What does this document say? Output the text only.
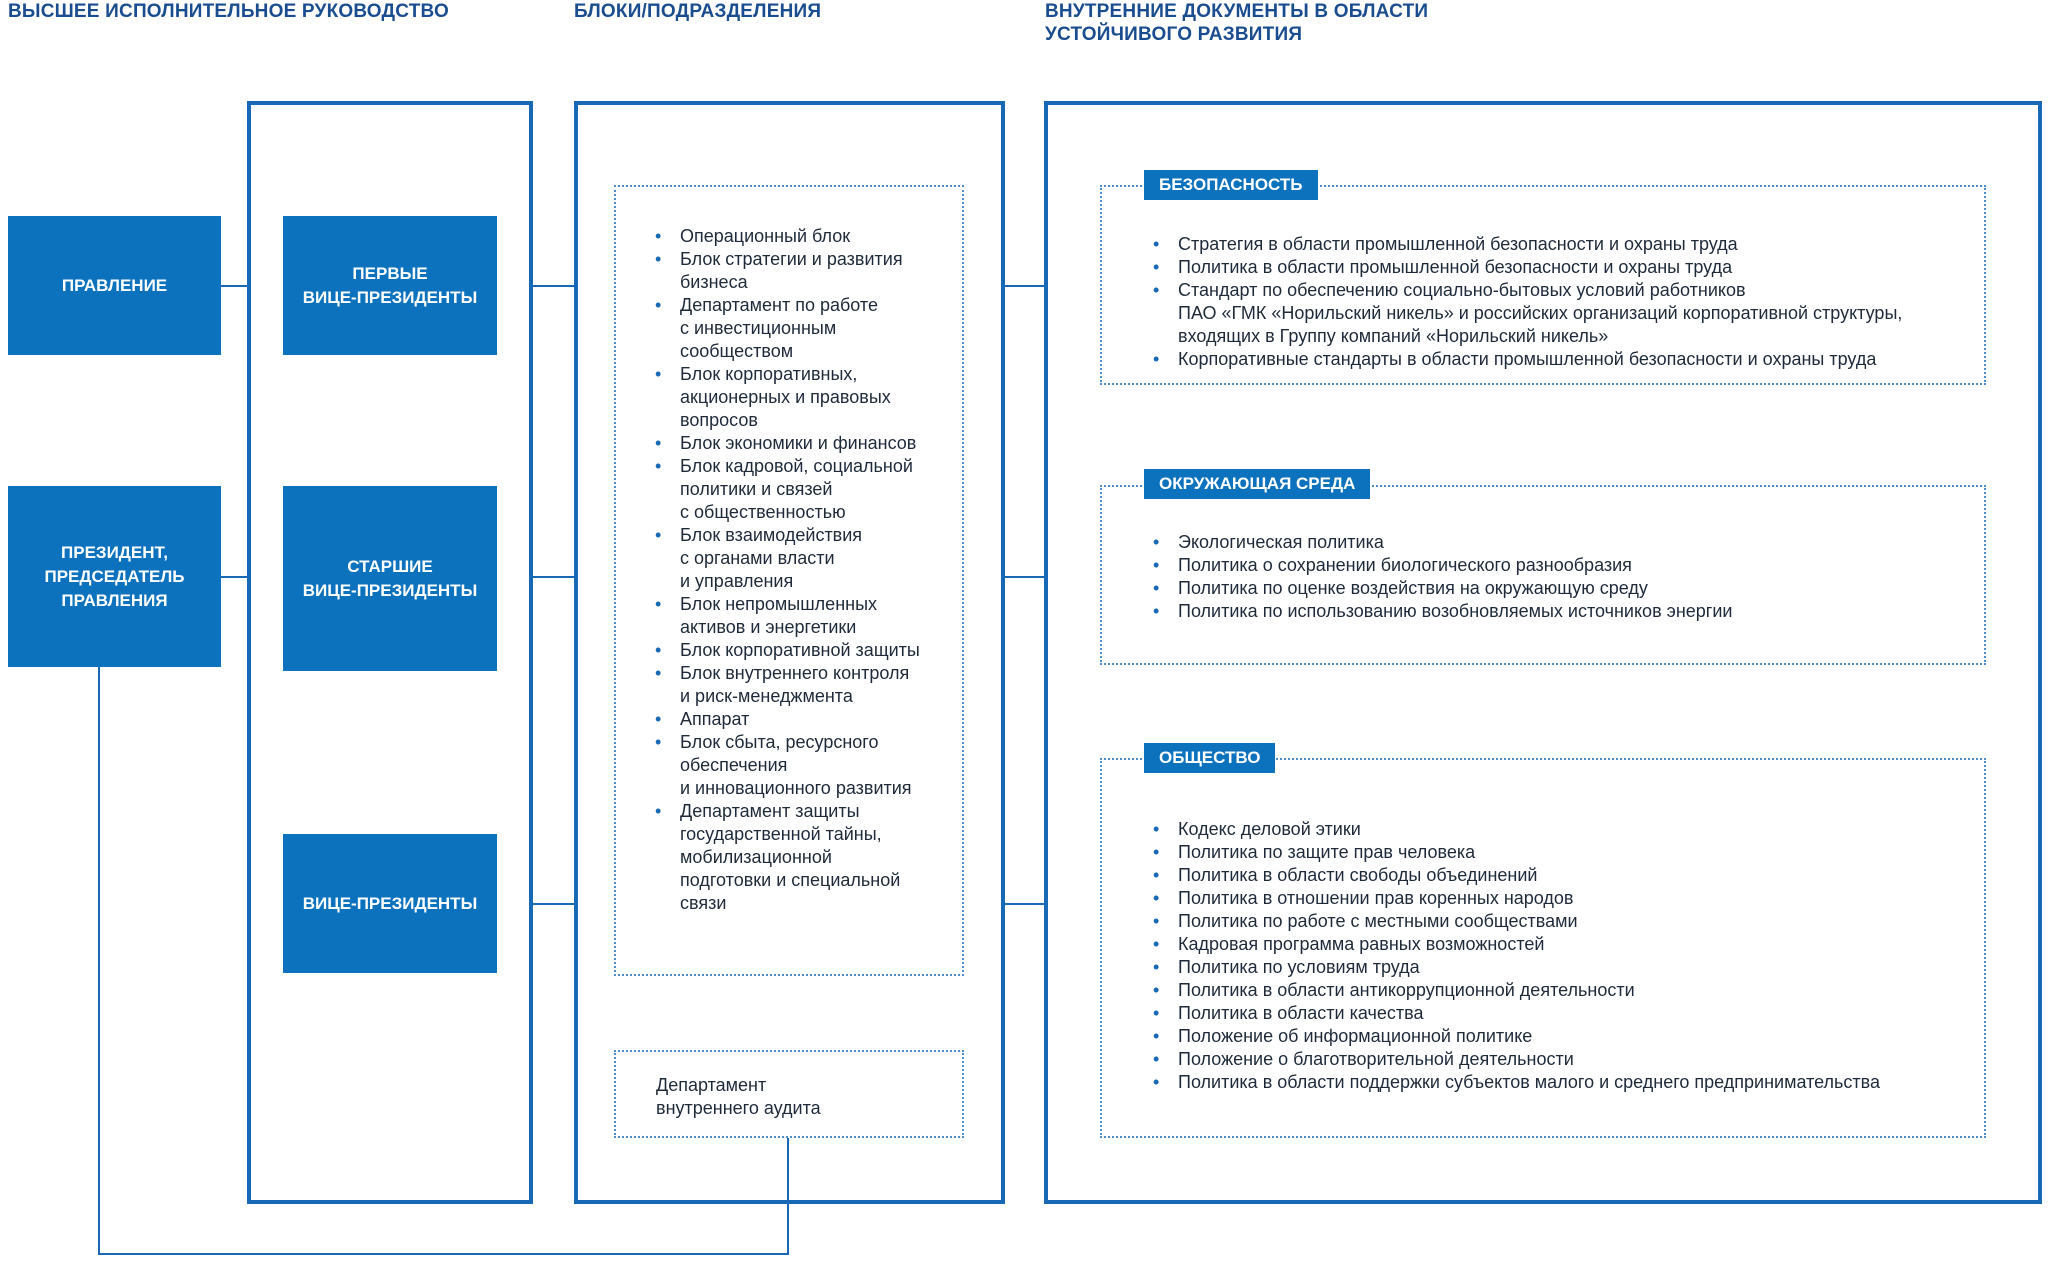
ВЫСШЕЕ ИСПОЛНИТЕЛЬНОЕ РУКОВОДСТВО	БЛОКИ/ПОДРАЗДЕЛЕНИЯ	ВНУТРЕННИЕ ДОКУМЕНТЫ В ОБЛАСТИ
УСТОЙЧИВОГО РАЗВИТИЯ
ПРАВЛЕНИЕ
ПРЕЗИДЕНТ,
ПРЕДСЕДАТЕЛЬ
ПРАВЛЕНИЯ
ПЕРВЫЕ
ВИЦЕ-ПРЕЗИДЕНТЫ
СТАРШИЕ
ВИЦЕ-ПРЕЗИДЕНТЫ
ВИЦЕ-ПРЕЗИДЕНТЫ
• Операционный блок
• Блок стратегии и развития
бизнеса
• Департамент по работе
с инвестиционным
сообществом
• Блок корпоративных,
акционерных и правовых
вопросов
• Блок экономики и финансов
• Блок кадровой, социальной
политики и связей
с общественностью
• Блок взаимодействия
с органами власти
и управления
• Блок непромышленных
активов и энергетики
• Блок корпоративной защиты
• Блок внутреннего контроля
и риск-менеджмента
• Аппарат
• Блок сбыта, ресурсного
обеспечения
и инновационного развития
• Департамент защиты
государственной тайны,
мобилизационной
подготовки и специальной
связи
Департамент
внутреннего аудита
• Стратегия в области промышленной безопасности и охраны труда
• Политика в области промышленной безопасности и охраны труда
• Стандарт по обеспечению социально-бытовых условий работников
ПАО «ГМК «Норильский никель» и российских организаций корпоративной структуры,
входящих в Группу компаний «Норильский никель»
• Корпоративные стандарты в области промышленной безопасности и охраны труда
БЕЗОПАСНОСТЬ
• Экологическая политика
• Политика о сохранении биологического разнообразия
• Политика по оценке воздействия на окружающую среду
• Политика по использованию возобновляемых источников энергии
ОКРУЖАЮЩАЯ СРЕДА
• Кодекс деловой этики
• Политика по защите прав человека
• Политика в области свободы объединений
• Политика в отношении прав коренных народов
• Политика по работе с местными сообществами
• Кадровая программа равных возможностей
• Политика по условиям труда
• Политика в области антикоррупционной деятельности
• Политика в области качества
• Положение об информационной политике
• Положение о благотворительной деятельности
• Политика в области поддержки субъектов малого и среднего предпринимательства
ОБЩЕСТВО
